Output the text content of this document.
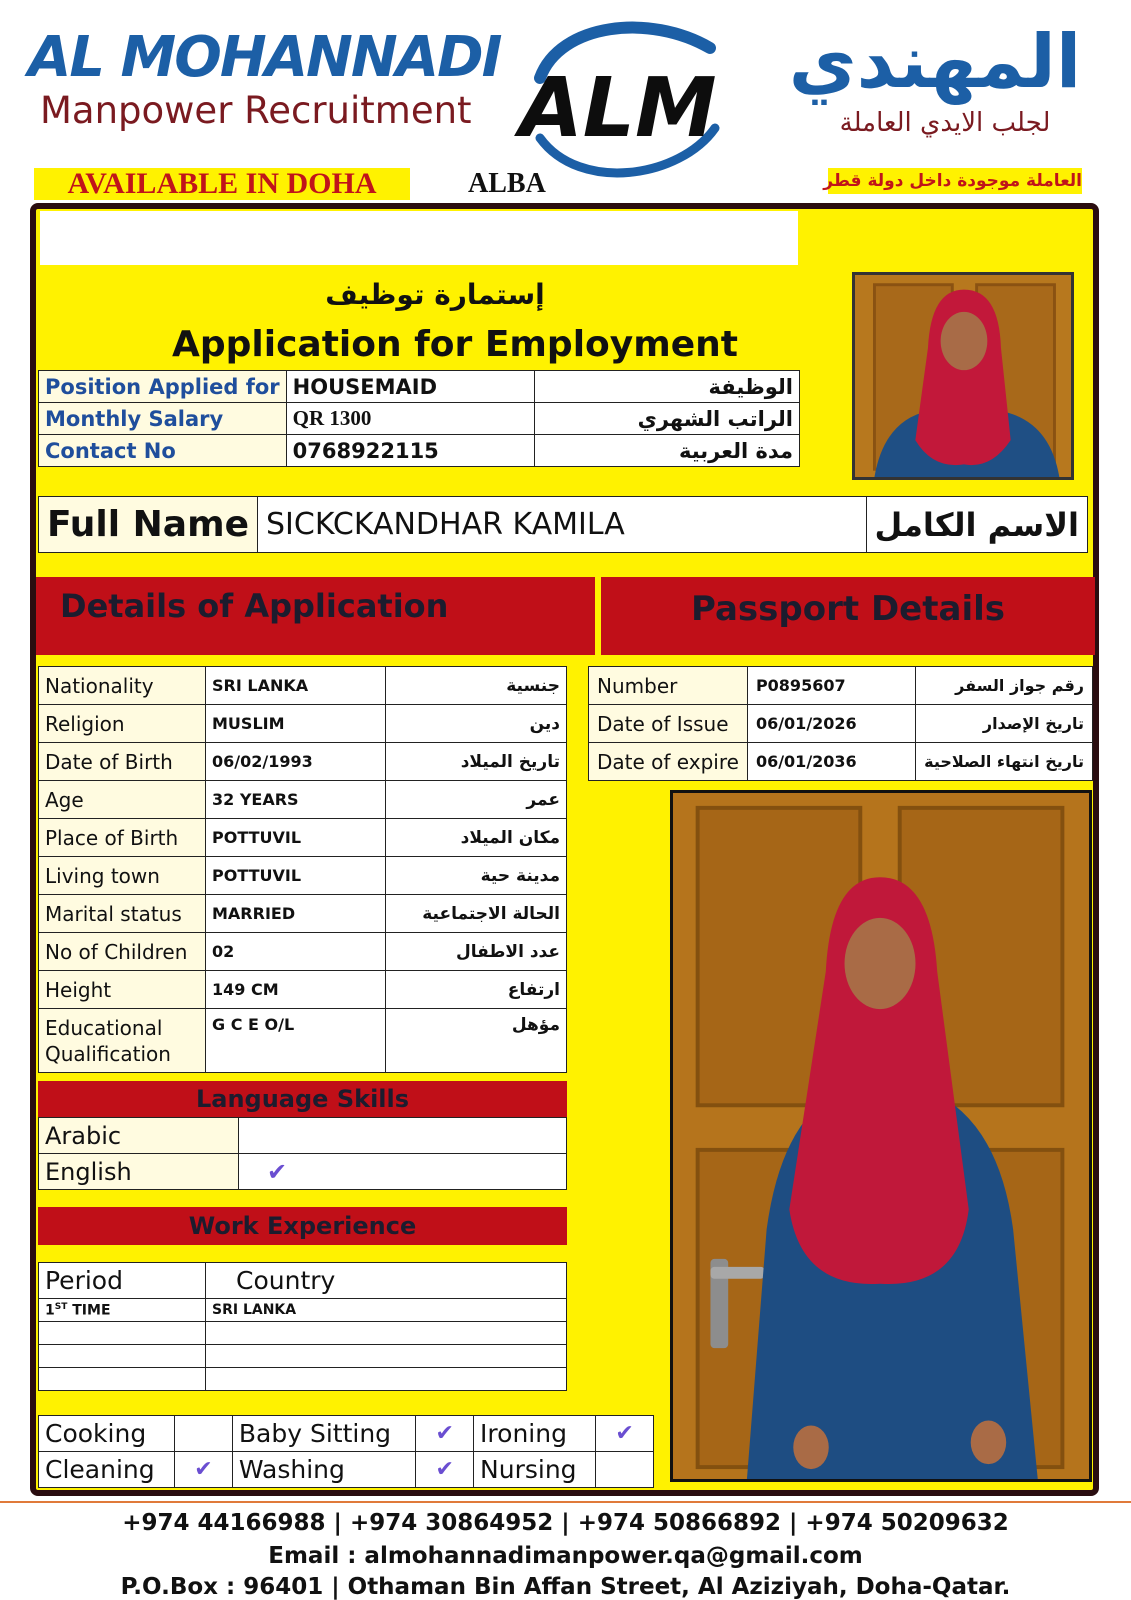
AL MOHANNADI
Manpower Recruitment ALM المهندي
لجلب الايدي العاملة
AVAILABLE IN DOHA	ALBA	العاملة موجودة داخل دولة قطر
إستمارة توظيف
Application for Employment
Position Applied for	HOUSEMAID	الوظيفة
Monthly Salary	QR 1300	الراتب الشهري
Contact No	0768922115	مدة العربية
Full Name	SICKCKANDHAR KAMILA	الاسم الكامل
Details of Application	Passport Details
Nationality	SRI LANKA	جنسية
Religion	MUSLIM	دين
Date of Birth	06/02/1993	تاريخ الميلاد
Age	32 YEARS	عمر
Place of Birth	POTTUVIL	مكان الميلاد
Living town	POTTUVIL	مدينة حية
Marital status	MARRIED	الحالة الاجتماعية
No of Children	02	عدد الاطفال
Height	149 CM	ارتفاع
Educational Qualification	G C E O/L	مؤهل
Number	P0895607	رقم جواز السفر
Date of Issue	06/01/2026	تاريخ الإصدار
Date of expire	06/01/2036	تاريخ انتهاء الصلاحية
Language Skills
Arabic	
English	✔
Work Experience
Period	Country
1ST TIME	SRI LANKA

Cooking		Baby Sitting	✔	Ironing	✔
Cleaning	✔	Washing	✔	Nursing	
+974 44166988 | +974 30864952 | +974 50866892 | +974 50209632
Email : almohannadimanpower.qa@gmail.com
P.O.Box : 96401 | Othaman Bin Affan Street, Al Aziziyah, Doha-Qatar.
